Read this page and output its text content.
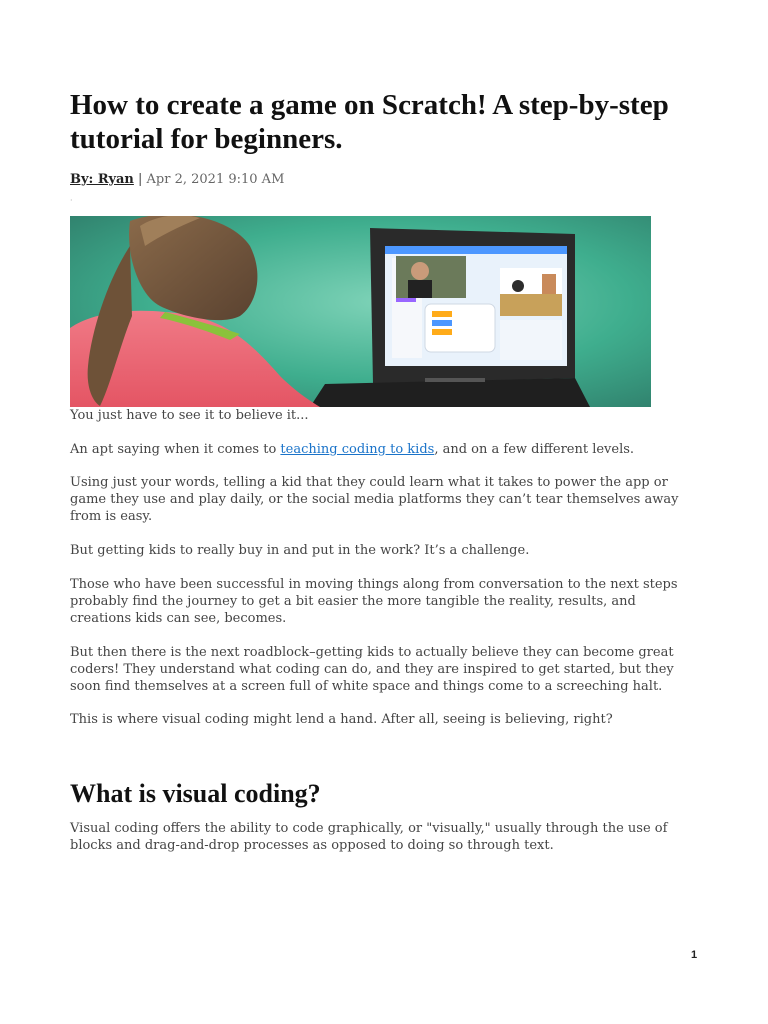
How to create a game on Scratch! A step-by-step tutorial for beginners.
By: Ryan | Apr 2, 2021 9:10 AM
·

You just have to see it to believe it...

An apt saying when it comes to teaching coding to kids, and on a few different levels.

Using just your words, telling a kid that they could learn what it takes to power the app or game they use and play daily, or the social media platforms they can’t tear themselves away from is easy.

But getting kids to really buy in and put in the work? It’s a challenge.

Those who have been successful in moving things along from conversation to the next steps probably find the journey to get a bit easier the more tangible the reality, results, and creations kids can see, becomes.

But then there is the next roadblock–getting kids to actually believe they can become great coders! They understand what coding can do, and they are inspired to get started, but they soon find themselves at a screen full of white space and things come to a screeching halt.

This is where visual coding might lend a hand. After all, seeing is believing, right?

What is visual coding?

Visual coding offers the ability to code graphically, or "visually," usually through the use of blocks and drag-and-drop processes as opposed to doing so through text.

1
